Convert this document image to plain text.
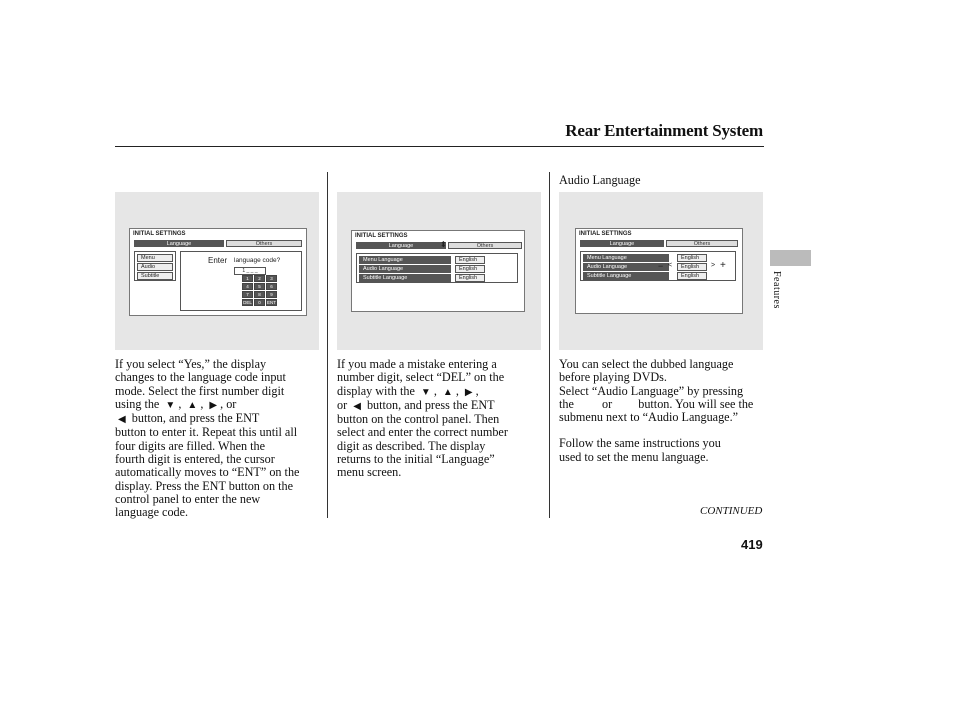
Rear Entertainment System
Features
Audio Language
INITIAL SETTINGS
Language	Others
Menu
Audio
Subtitle
Enter language code?
1 _ _ _
1	2	3
4	5	6
7	8	9
DEL	0	ENT
INITIAL SETTINGS
Language	Others
⬍
Menu Language	English
Audio Language	English
Subtitle Language	English
INITIAL SETTINGS
Language	Others
Menu Language	English
Audio Language	− <	English	> +
Subtitle Language	English
If you select “Yes,” the display
changes to the language code input
mode. Select the first number digit
using the ▼ , ▲ , ▶ , or
◀ button, and press the ENT
button to enter it. Repeat this until all
four digits are filled. When the
fourth digit is entered, the cursor
automatically moves to “ENT” on the
display. Press the ENT button on the
control panel to enter the new
language code.
If you made a mistake entering a
number digit, select “DEL” on the
display with the ▼ , ▲ , ▶ ,
or ◀ button, and press the ENT
button on the control panel. Then
select and enter the correct number
digit as described. The display
returns to the initial “Language”
menu screen.
You can select the dubbed language
before playing DVDs.
Select “Audio Language” by pressing
the or button. You will see the
submenu next to “Audio Language.”
Follow the same instructions you
used to set the menu language.
CONTINUED
419
